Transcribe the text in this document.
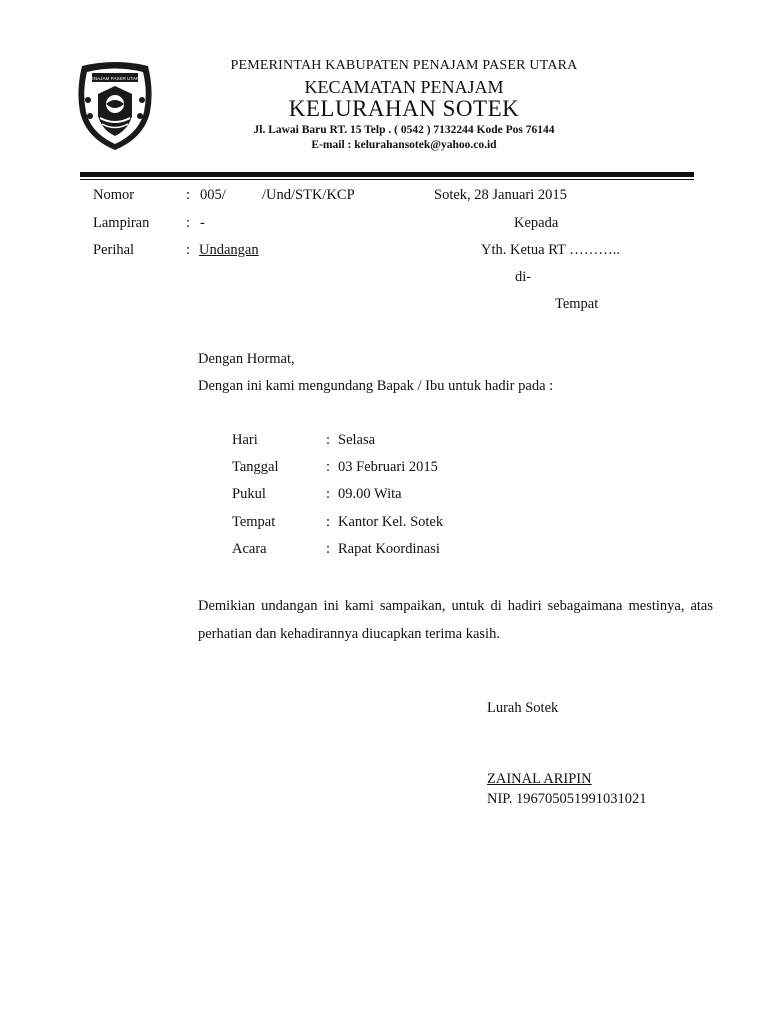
PENAJAM PASER UTARA
PEMERINTAH KABUPATEN PENAJAM PASER UTARA
KECAMATAN PENAJAM
KELURAHAN SOTEK
Jl. Lawai Baru RT. 15 Telp . ( 0542 ) 7132244 Kode Pos 76144
E-mail : kelurahansotek@yahoo.co.id
Nomor	: 005/ /Und/STK/KCP	Sotek, 28 Januari 2015
Lampiran	: -	Kepada
Perihal	: Undangan	Yth. Ketua RT ………..
di-
Tempat
Dengan Hormat,
Dengan ini kami mengundang Bapak / Ibu untuk hadir pada :
Hari	: Selasa
Tanggal	: 03 Februari 2015
Pukul	: 09.00 Wita
Tempat	: Kantor Kel. Sotek
Acara	: Rapat Koordinasi
Demikian undangan ini kami sampaikan, untuk di hadiri sebagaimana mestinya, atas perhatian dan kehadirannya diucapkan terima kasih.
Lurah Sotek
ZAINAL ARIPIN
NIP. 196705051991031021
